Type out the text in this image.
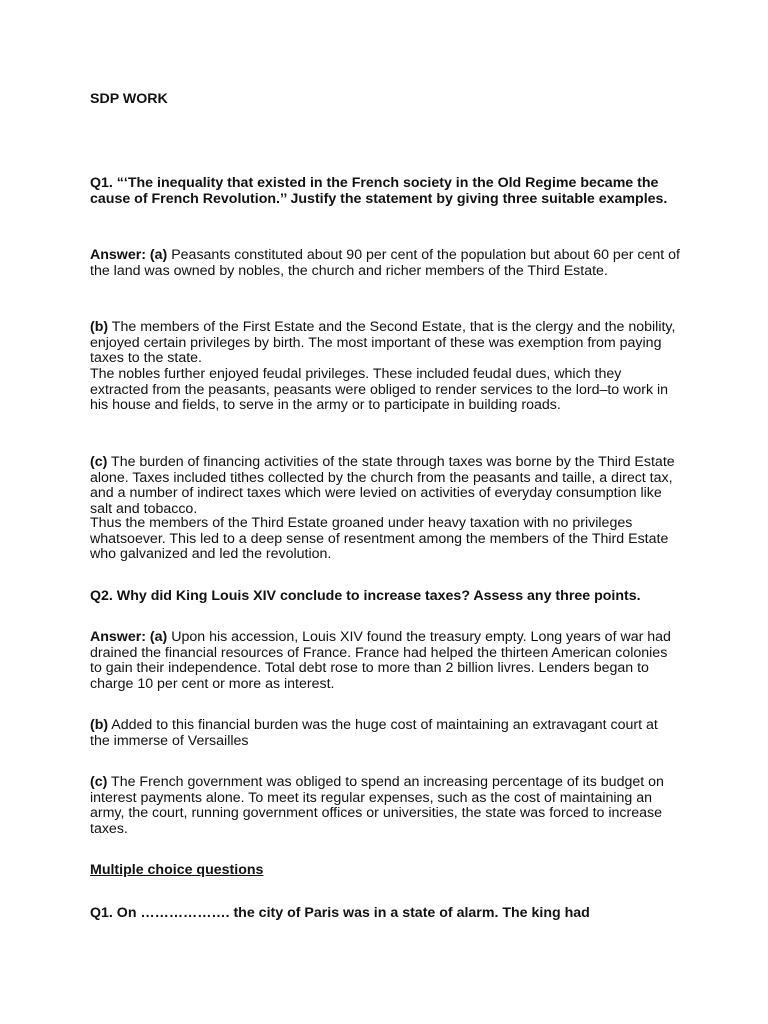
SDP WORK

Q1. “‘The inequality that existed in the French society in the Old Regime became the cause of French Revolution.’’ Justify the statement by giving three suitable examples.

Answer: (a) Peasants constituted about 90 per cent of the population but about 60 per cent of the land was owned by nobles, the church and richer members of the Third Estate.

(b) The members of the First Estate and the Second Estate, that is the clergy and the nobility, enjoyed certain privileges by birth. The most important of these was exemption from paying taxes to the state.

The nobles further enjoyed feudal privileges. These included feudal dues, which they extracted from the peasants, peasants were obliged to render services to the lord–to work in his house and fields, to serve in the army or to participate in building roads.

(c) The burden of financing activities of the state through taxes was borne by the Third Estate alone. Taxes included tithes collected by the church from the peasants and taille, a direct tax, and a number of indirect taxes which were levied on activities of everyday consumption like salt and tobacco.

Thus the members of the Third Estate groaned under heavy taxation with no privileges whatsoever. This led to a deep sense of resentment among the members of the Third Estate who galvanized and led the revolution.

Q2. Why did King Louis XIV conclude to increase taxes? Assess any three points.

Answer: (a) Upon his accession, Louis XIV found the treasury empty. Long years of war had drained the financial resources of France. France had helped the thirteen American colonies to gain their independence. Total debt rose to more than 2 billion livres. Lenders began to charge 10 per cent or more as interest.

(b) Added to this financial burden was the huge cost of maintaining an extravagant court at the immerse of Versailles

(c) The French government was obliged to spend an increasing percentage of its budget on interest payments alone. To meet its regular expenses, such as the cost of maintaining an army, the court, running government offices or universities, the state was forced to increase taxes.

Multiple choice questions

Q1. On ………………. the city of Paris was in a state of alarm. The king had
